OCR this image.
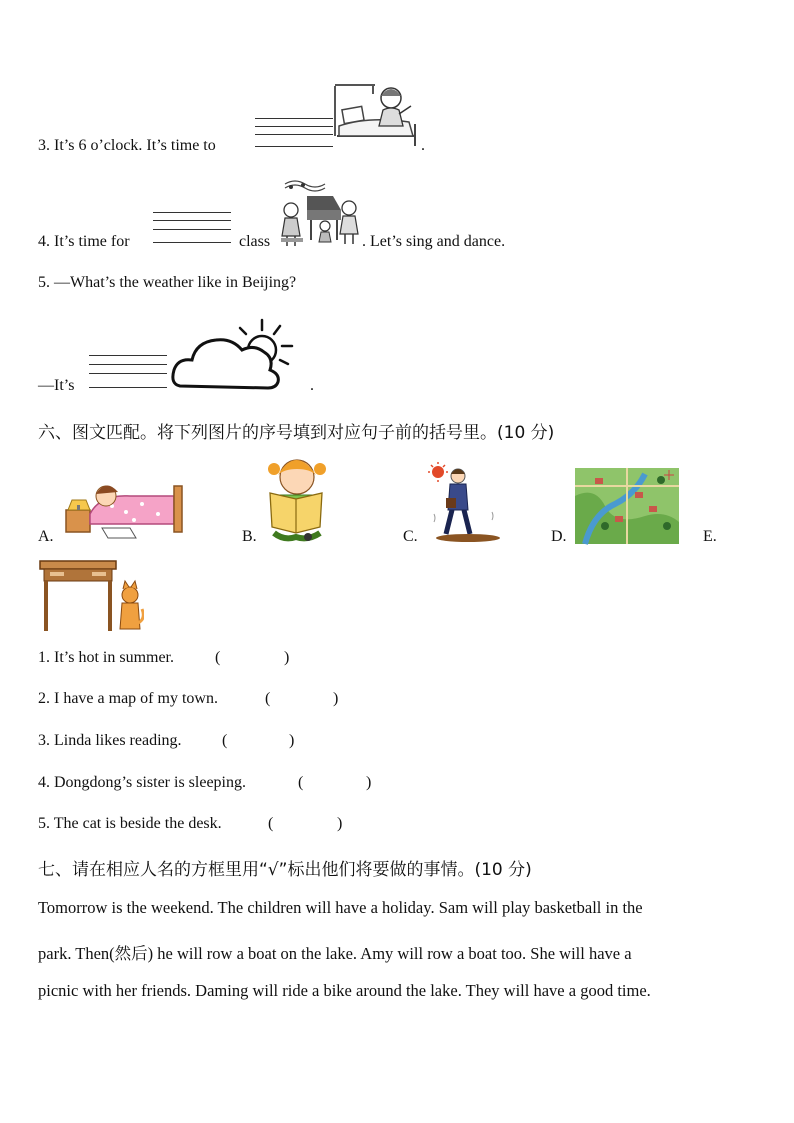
3. It’s 6 o’clock. It’s time to	.
4. It’s time for	class	. Let’s sing and dance.
5. —What’s the weather like in Beijing?
—It’s	.
六、图文匹配。将下列图片的序号填到对应句子前的括号里。(10 分)
A.	B.	C.	D.	E.
1. It’s hot in summer.	(	)
2. I have a map of my town.	(	)
3. Linda likes reading.	(	)
4. Dongdong’s sister is sleeping.	(	)
5. The cat is beside the desk.	(	)
七、请在相应人名的方框里用“√”标出他们将要做的事情。(10 分)
Tomorrow is the weekend. The children will have a holiday. Sam will play basketball in the
park. Then(然后) he will row a boat on the lake. Amy will row a boat too. She will have a
picnic with her friends. Daming will ride a bike around the lake. They will have a good time.
